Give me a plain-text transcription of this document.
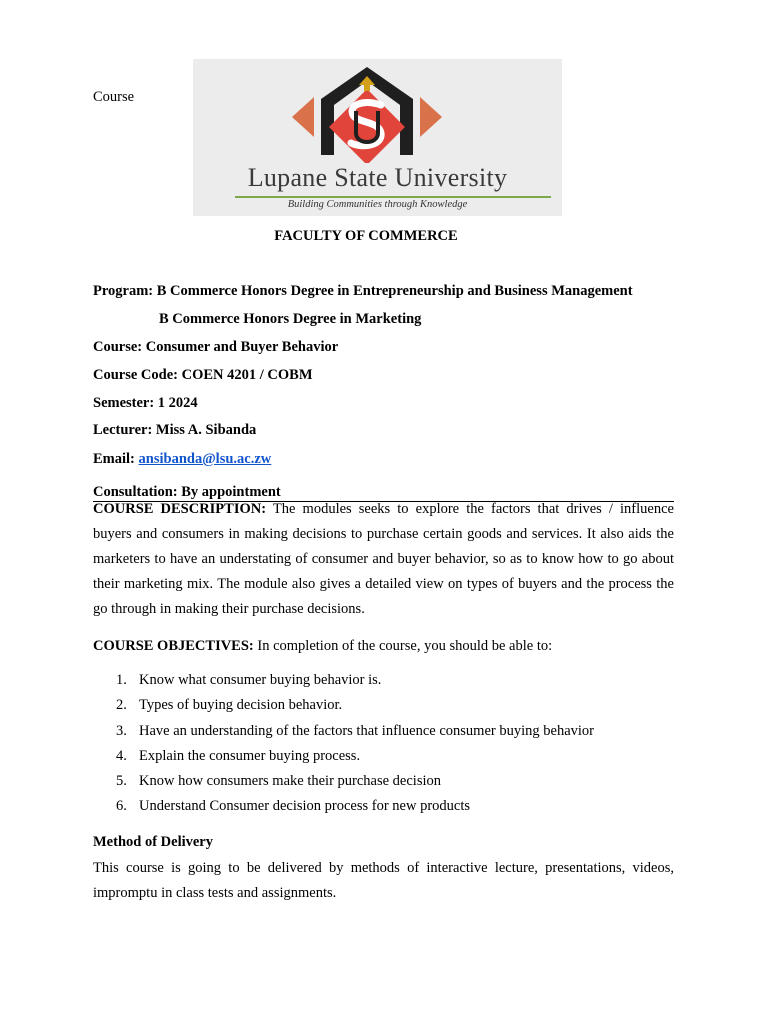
Course
Lupane State University
Building Communities through Knowledge
FACULTY OF COMMERCE
Program: B Commerce Honors Degree in Entrepreneurship and Business Management
B Commerce Honors Degree in Marketing
Course: Consumer and Buyer Behavior
Course Code: COEN 4201 / COBM
Semester: 1 2024
Lecturer: Miss A. Sibanda
Email: ansibanda@lsu.ac.zw
Consultation: By appointment
COURSE DESCRIPTION: The modules seeks to explore the factors that drives / influence buyers and consumers in making decisions to purchase certain goods and services. It also aids the marketers to have an understating of consumer and buyer behavior, so as to know how to go about their marketing mix. The module also gives a detailed view on types of buyers and the process the go through in making their purchase decisions.
COURSE OBJECTIVES: In completion of the course, you should be able to:
1. Know what consumer buying behavior is.
2. Types of buying decision behavior.
3. Have an understanding of the factors that influence consumer buying behavior
4. Explain the consumer buying process.
5. Know how consumers make their purchase decision
6. Understand Consumer decision process for new products
Method of Delivery
This course is going to be delivered by methods of interactive lecture, presentations, videos, impromptu in class tests and assignments.
